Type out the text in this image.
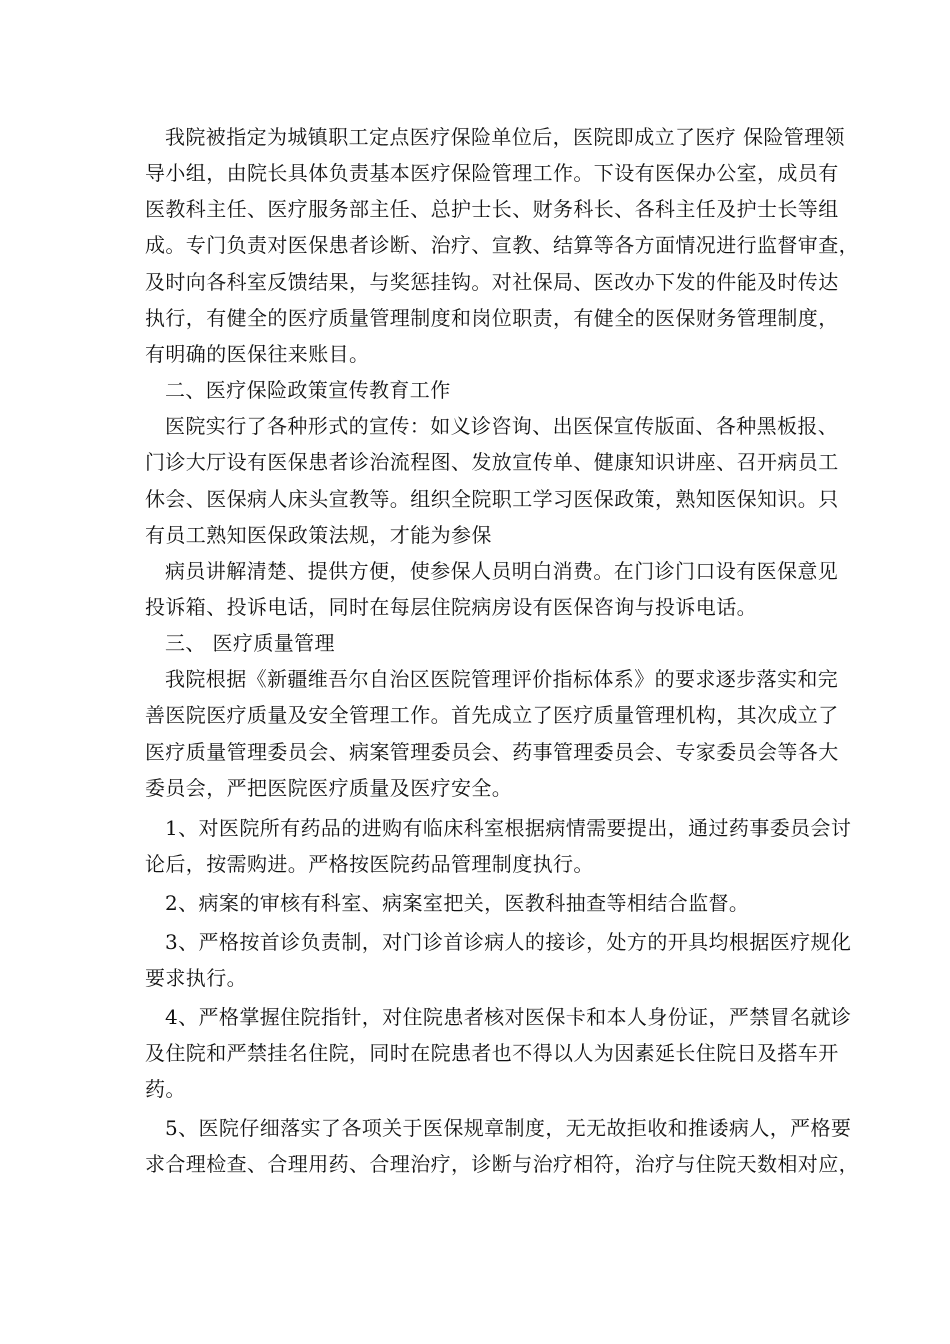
我院被指定为城镇职工定点医疗保险单位后，医院即成立了医疗 保险管理领
导小组，由院长具体负责基本医疗保险管理工作。下设有医保办公室，成员有
医教科主任、医疗服务部主任、总护士长、财务科长、各科主任及护士长等组
成。专门负责对医保患者诊断、治疗、宣教、结算等各方面情况进行监督审查，
及时向各科室反馈结果，与奖惩挂钩。对社保局、医改办下发的件能及时传达
执行，有健全的医疗质量管理制度和岗位职责，有健全的医保财务管理制度，
有明确的医保往来账目。
二、医疗保险政策宣传教育工作
医院实行了各种形式的宣传：如义诊咨询、出医保宣传版面、各种黑板报、
门诊大厅设有医保患者诊治流程图、发放宣传单、健康知识讲座、召开病员工
休会、医保病人床头宣教等。组织全院职工学习医保政策，熟知医保知识。只
有员工熟知医保政策法规，才能为参保
病员讲解清楚、提供方便，使参保人员明白消费。在门诊门口设有医保意见
投诉箱、投诉电话，同时在每层住院病房设有医保咨询与投诉电话。
三、 医疗质量管理
我院根据《新疆维吾尔自治区医院管理评价指标体系》的要求逐步落实和完
善医院医疗质量及安全管理工作。首先成立了医疗质量管理机构，其次成立了
医疗质量管理委员会、病案管理委员会、药事管理委员会、专家委员会等各大
委员会，严把医院医疗质量及医疗安全。
1、对医院所有药品的进购有临床科室根据病情需要提出，通过药事委员会讨
论后，按需购进。严格按医院药品管理制度执行。
2、病案的审核有科室、病案室把关，医教科抽查等相结合监督。
3、严格按首诊负责制，对门诊首诊病人的接诊，处方的开具均根据医疗规化
要求执行。
4、严格掌握住院指针，对住院患者核对医保卡和本人身份证，严禁冒名就诊
及住院和严禁挂名住院，同时在院患者也不得以人为因素延长住院日及搭车开
药。
5、医院仔细落实了各项关于医保规章制度，无无故拒收和推诿病人，严格要
求合理检查、合理用药、合理治疗，诊断与治疗相符，治疗与住院天数相对应，
